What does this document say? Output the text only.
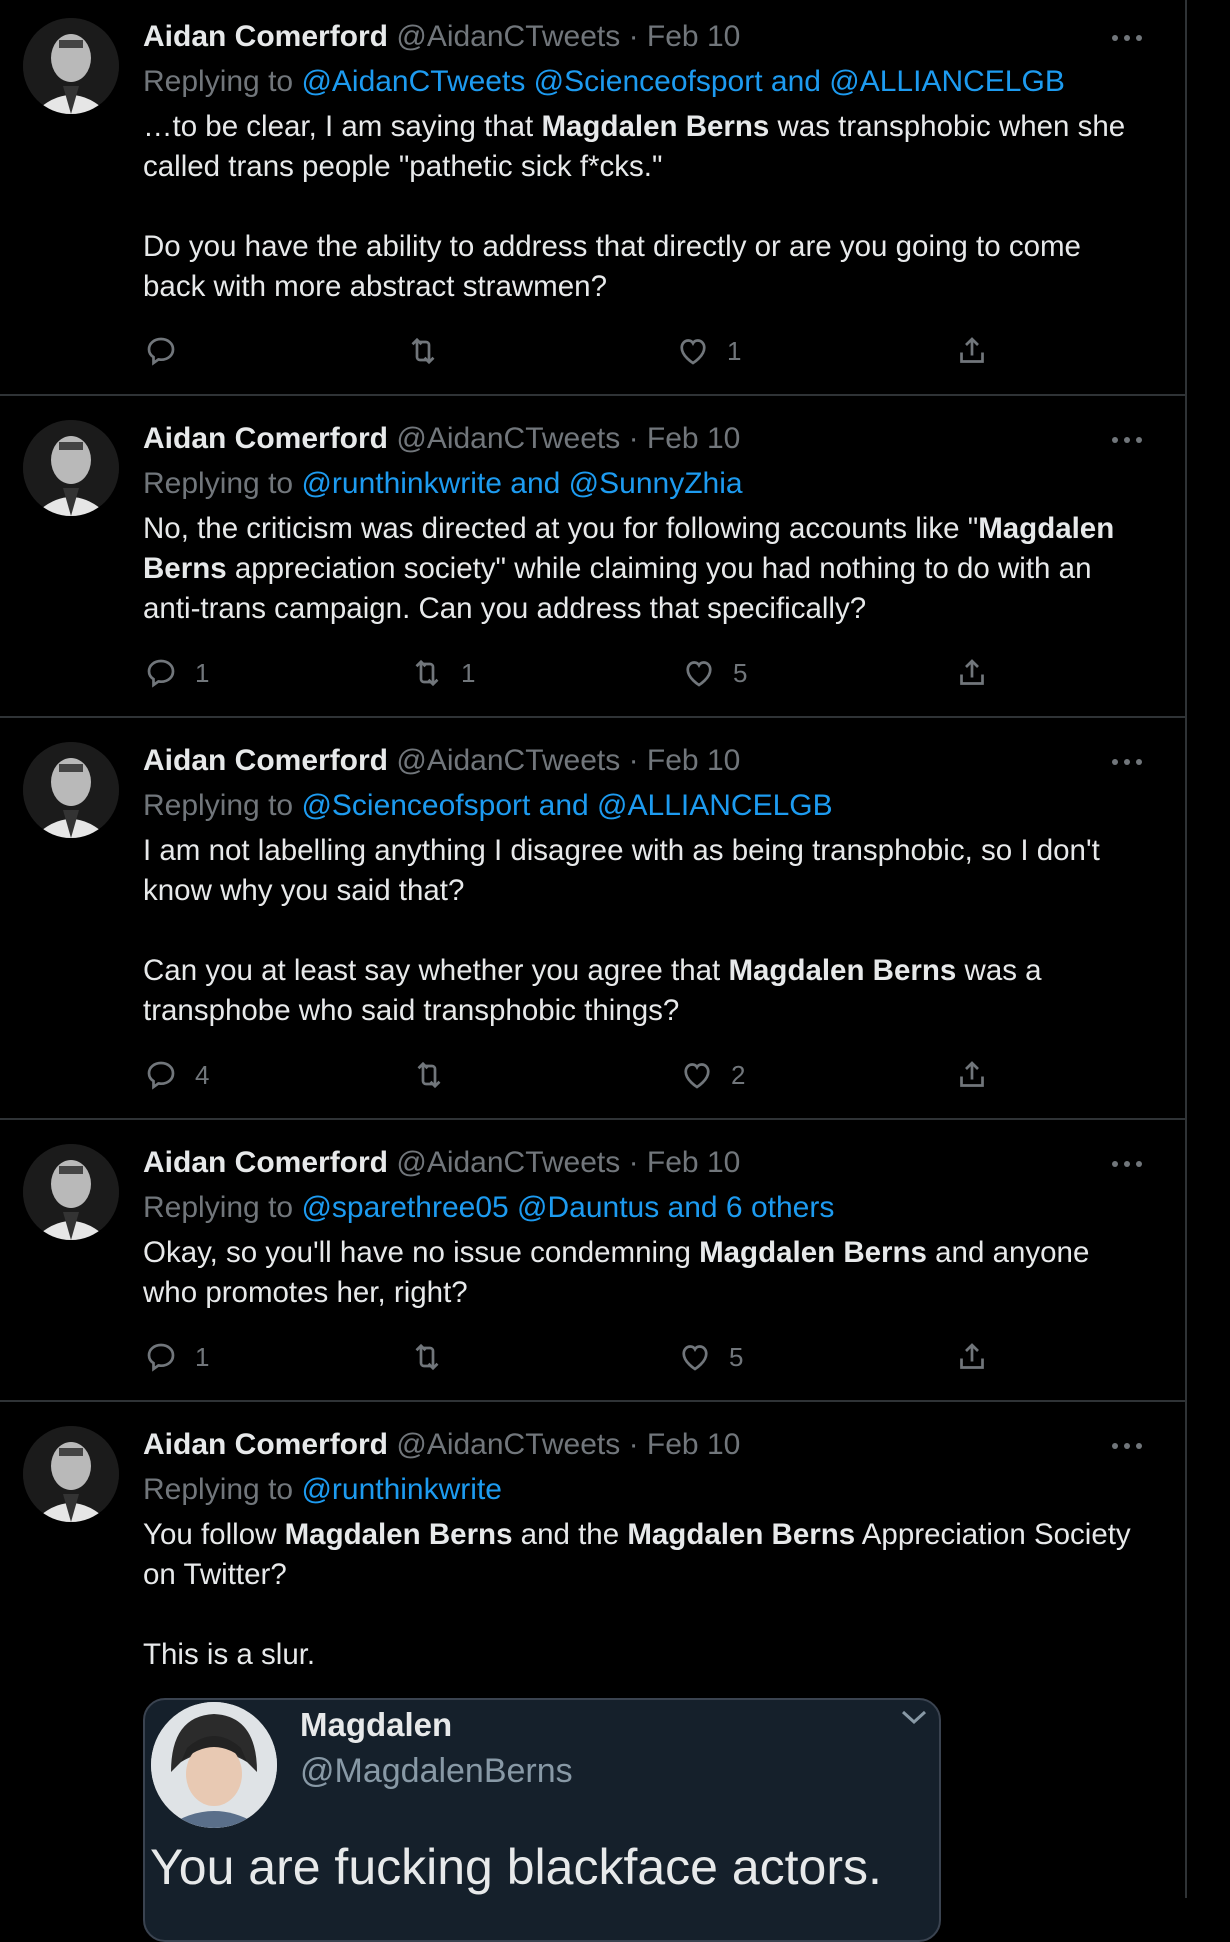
Aidan Comerford @AidanCTweets · Feb 10
Replying to @AidanCTweets @Scienceofsport and @ALLIANCELGB

…to be clear, I am saying that Magdalen Berns was transphobic when she

called trans people "pathetic sick f*cks."

Do you have the ability to address that directly or are you going to come

back with more abstract strawmen?

1
Aidan Comerford @AidanCTweets · Feb 10
Replying to @runthinkwrite and @SunnyZhia

No, the criticism was directed at you for following accounts like "Magdalen

Berns appreciation society" while claiming you had nothing to do with an

anti-trans campaign. Can you address that specifically?

1	1	5
Aidan Comerford @AidanCTweets · Feb 10
Replying to @Scienceofsport and @ALLIANCELGB

I am not labelling anything I disagree with as being transphobic, so I don't

know why you said that?

Can you at least say whether you agree that Magdalen Berns was a

transphobe who said transphobic things?

4	2
Aidan Comerford @AidanCTweets · Feb 10
Replying to @sparethree05 @Dauntus and 6 others

Okay, so you'll have no issue condemning Magdalen Berns and anyone

who promotes her, right?

1	5
Aidan Comerford @AidanCTweets · Feb 10
Replying to @runthinkwrite

You follow Magdalen Berns and the Magdalen Berns Appreciation Society

on Twitter?

This is a slur.

Magdalen
@MagdalenBerns
You are fucking blackface actors.
